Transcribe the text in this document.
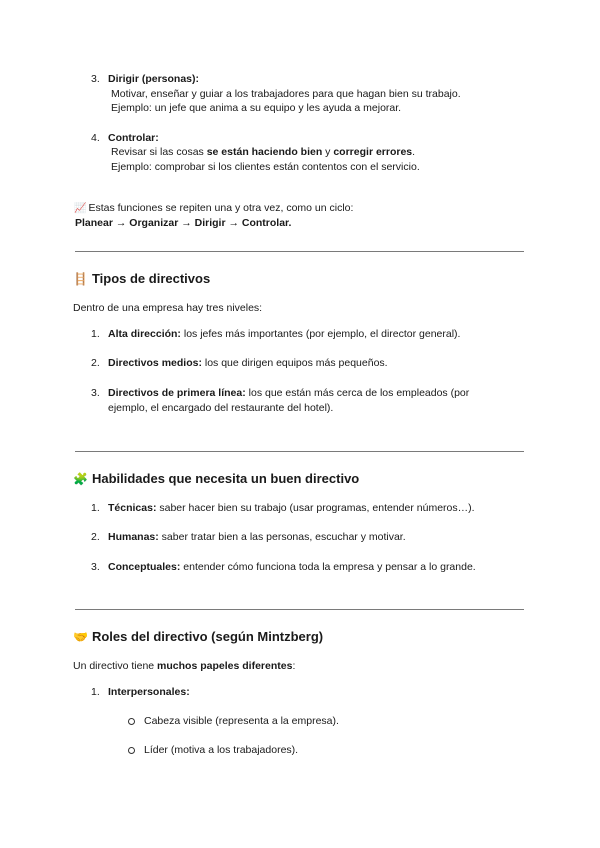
3. Dirigir (personas):
Motivar, enseñar y guiar a los trabajadores para que hagan bien su trabajo.
Ejemplo: un jefe que anima a su equipo y les ayuda a mejorar.
4. Controlar:
Revisar si las cosas se están haciendo bien y corregir errores.
Ejemplo: comprobar si los clientes están contentos con el servicio.
📈 Estas funciones se repiten una y otra vez, como un ciclo:
Planear → Organizar → Dirigir → Controlar.
🪜 Tipos de directivos
Dentro de una empresa hay tres niveles:
1. Alta dirección: los jefes más importantes (por ejemplo, el director general).
2. Directivos medios: los que dirigen equipos más pequeños.
3. Directivos de primera línea: los que están más cerca de los empleados (por
ejemplo, el encargado del restaurante del hotel).
🧩 Habilidades que necesita un buen directivo
1. Técnicas: saber hacer bien su trabajo (usar programas, entender números…).
2. Humanas: saber tratar bien a las personas, escuchar y motivar.
3. Conceptuales: entender cómo funciona toda la empresa y pensar a lo grande.
🤝 Roles del directivo (según Mintzberg)
Un directivo tiene muchos papeles diferentes:
1. Interpersonales:
Cabeza visible (representa a la empresa).
Líder (motiva a los trabajadores).
